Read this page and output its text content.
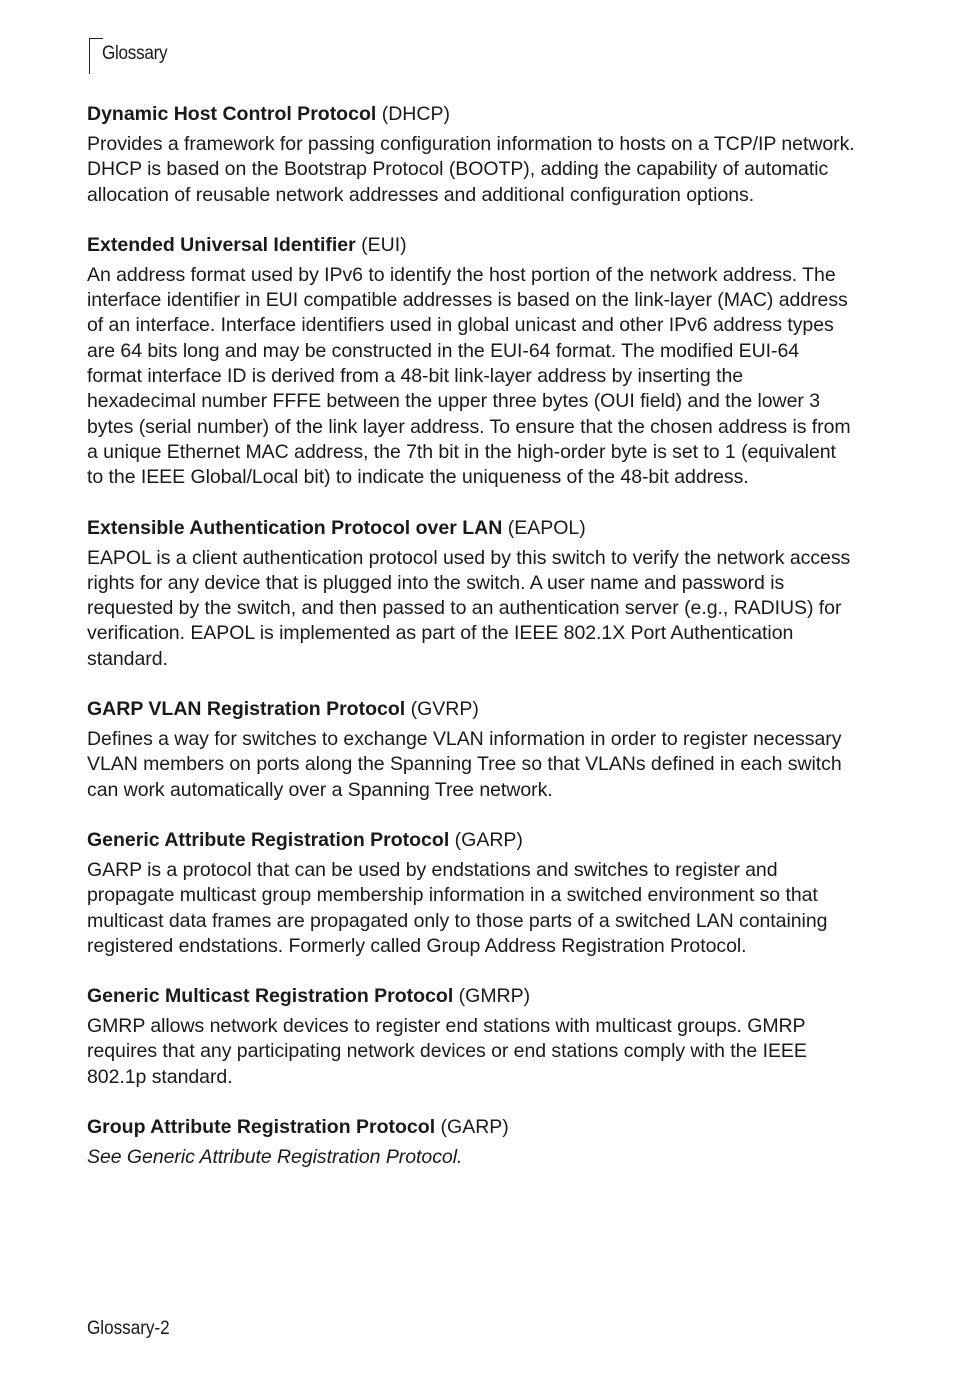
Glossary

Dynamic Host Control Protocol (DHCP)

Provides a framework for passing configuration information to hosts on a TCP/IP network. DHCP is based on the Bootstrap Protocol (BOOTP), adding the capability of automatic allocation of reusable network addresses and additional configuration options.

Extended Universal Identifier (EUI)

An address format used by IPv6 to identify the host portion of the network address. The interface identifier in EUI compatible addresses is based on the link-layer (MAC) address of an interface. Interface identifiers used in global unicast and other IPv6 address types are 64 bits long and may be constructed in the EUI-64 format. The modified EUI-64 format interface ID is derived from a 48-bit link-layer address by inserting the hexadecimal number FFFE between the upper three bytes (OUI field) and the lower 3 bytes (serial number) of the link layer address. To ensure that the chosen address is from a unique Ethernet MAC address, the 7th bit in the high-order byte is set to 1 (equivalent to the IEEE Global/Local bit) to indicate the uniqueness of the 48-bit address.

Extensible Authentication Protocol over LAN (EAPOL)

EAPOL is a client authentication protocol used by this switch to verify the network access rights for any device that is plugged into the switch. A user name and password is requested by the switch, and then passed to an authentication server (e.g., RADIUS) for verification. EAPOL is implemented as part of the IEEE 802.1X Port Authentication standard.

GARP VLAN Registration Protocol (GVRP)

Defines a way for switches to exchange VLAN information in order to register necessary VLAN members on ports along the Spanning Tree so that VLANs defined in each switch can work automatically over a Spanning Tree network.

Generic Attribute Registration Protocol (GARP)

GARP is a protocol that can be used by endstations and switches to register and propagate multicast group membership information in a switched environment so that multicast data frames are propagated only to those parts of a switched LAN containing registered endstations. Formerly called Group Address Registration Protocol.

Generic Multicast Registration Protocol (GMRP)

GMRP allows network devices to register end stations with multicast groups. GMRP requires that any participating network devices or end stations comply with the IEEE 802.1p standard.

Group Attribute Registration Protocol (GARP)

See Generic Attribute Registration Protocol.

Glossary-2
